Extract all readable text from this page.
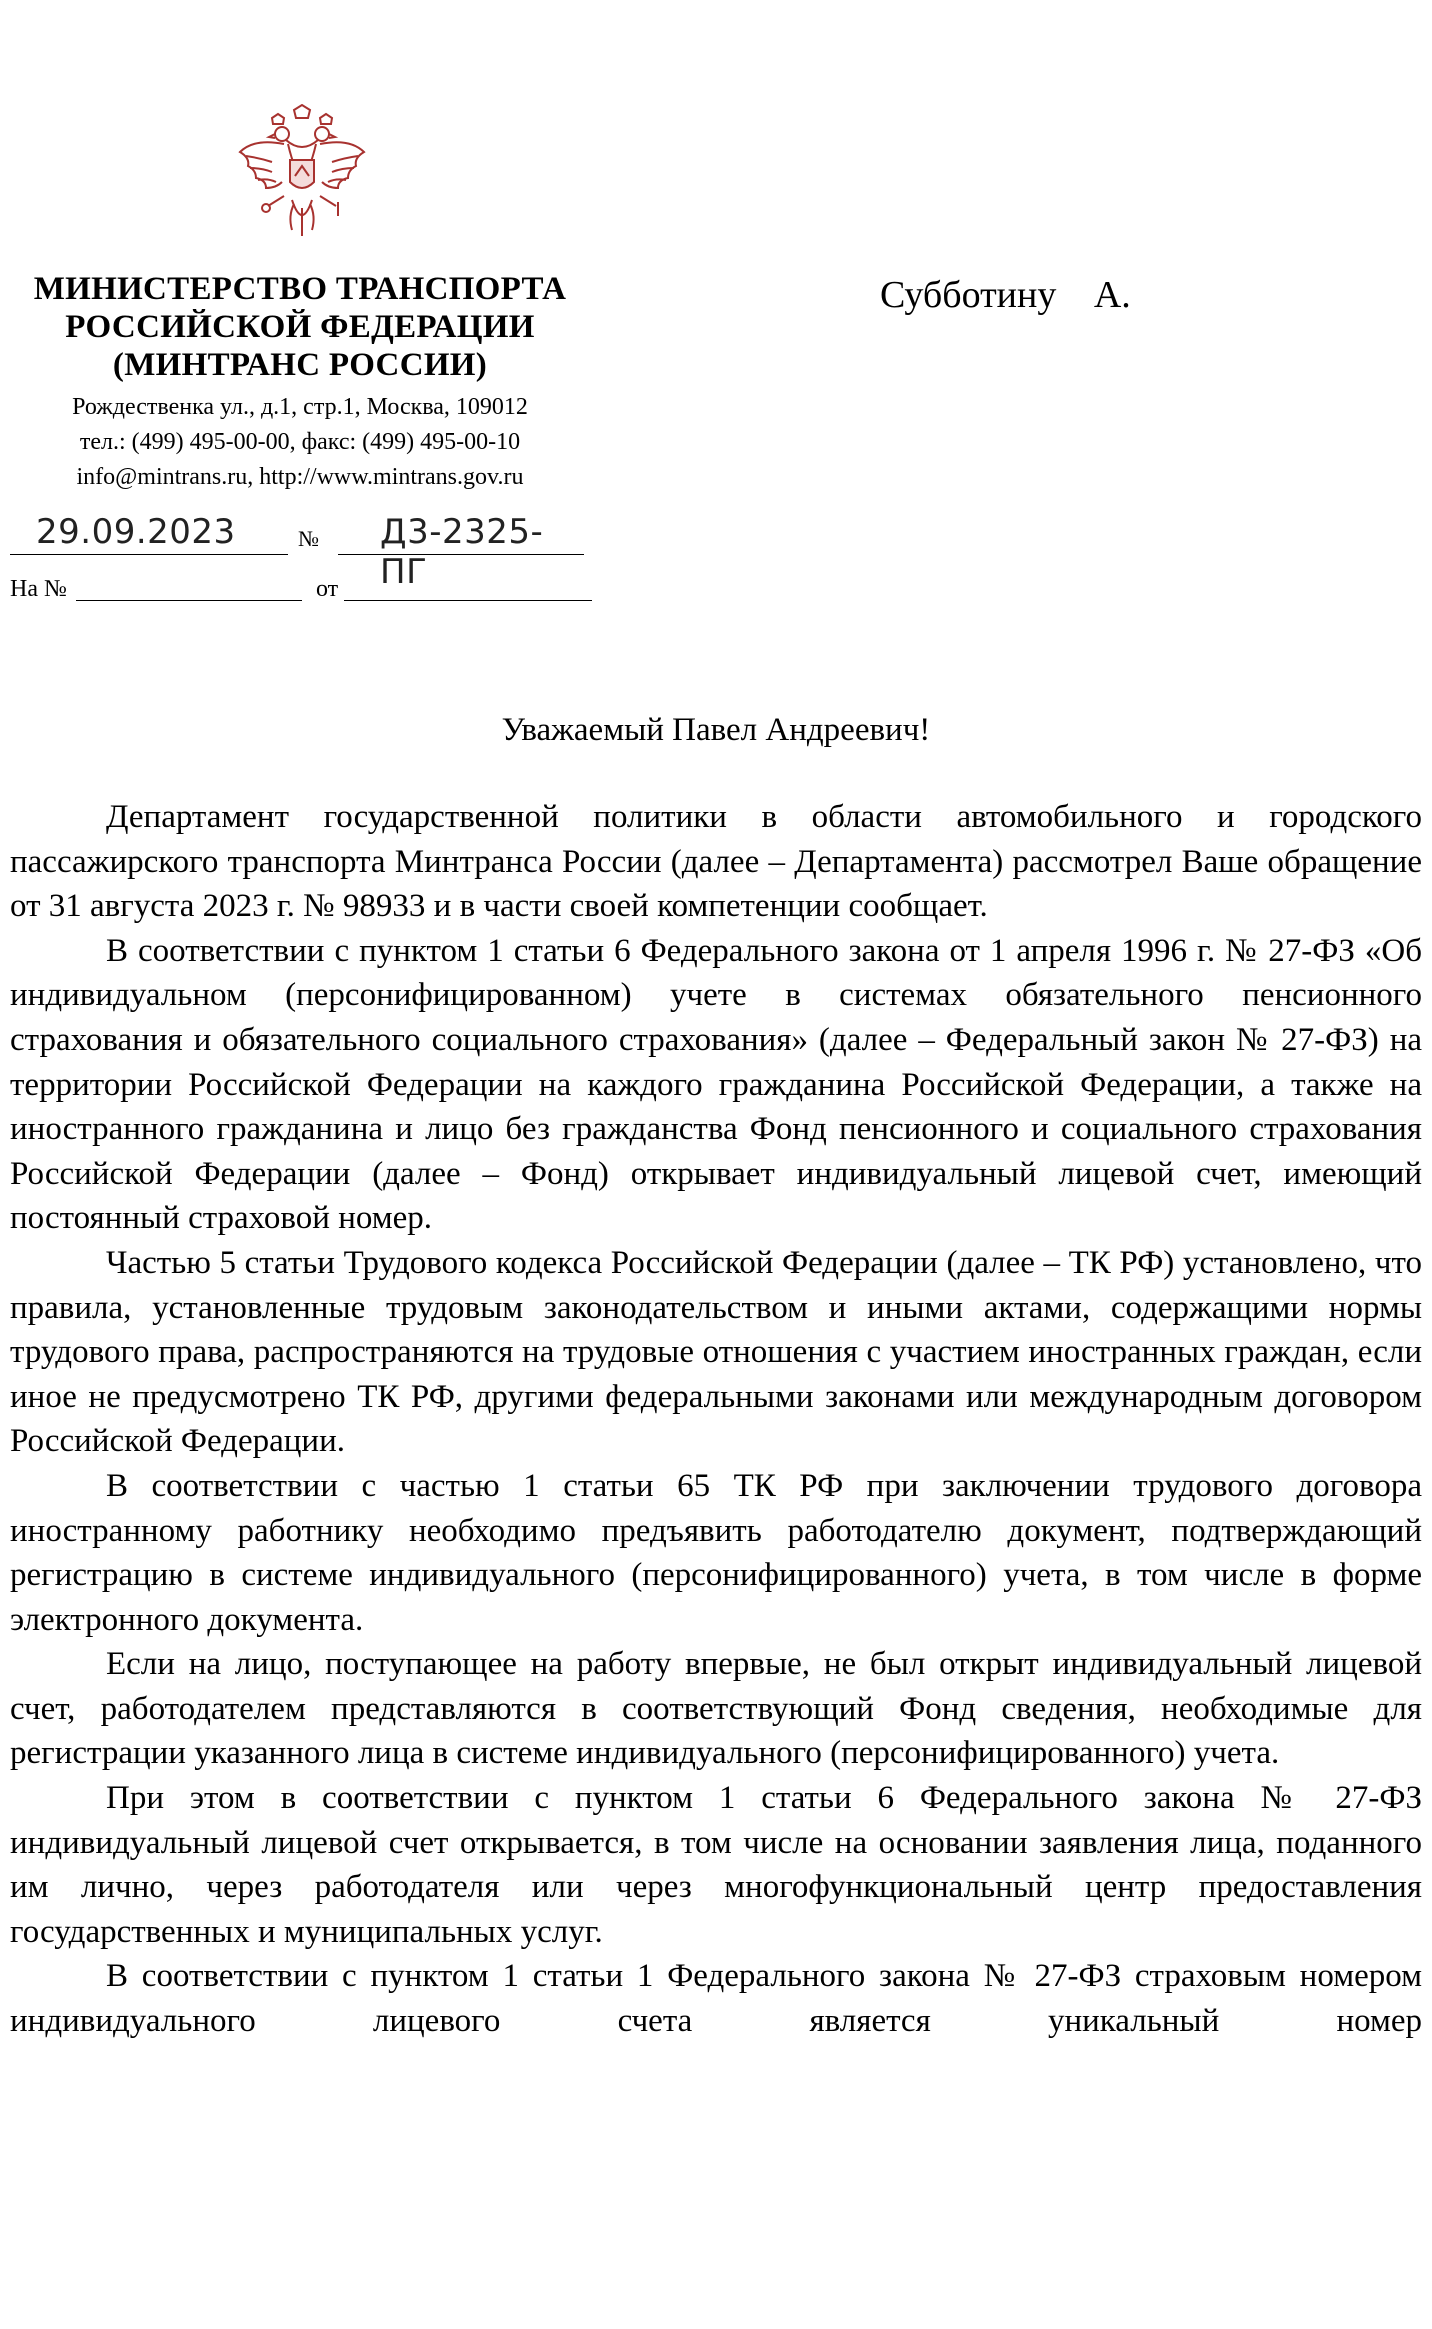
МИНИСТЕРСТВО ТРАНСПОРТА
РОССИЙСКОЙ ФЕДЕРАЦИИ
(МИНТРАНС РОССИИ)
Рождественка ул., д.1, стр.1, Москва, 109012
тел.: (499) 495-00-00, факс: (499) 495-00-10
info@mintrans.ru, http://www.mintrans.gov.ru
Субботину А.
29.09.2023	№ Д3-2325-ПГ
На №	от
Уважаемый Павел Андреевич!

Департамент государственной политики в области автомобильного и городского пассажирского транспорта Минтранса России (далее – Департамента) рассмотрел Ваше обращение от 31 августа 2023 г. № 98933 и в части своей компетенции сообщает.

В соответствии с пунктом 1 статьи 6 Федерального закона от 1 апреля 1996 г. № 27-ФЗ «Об индивидуальном (персонифицированном) учете в системах обязательного пенсионного страхования и обязательного социального страхования» (далее – Федеральный закон № 27-ФЗ) на территории Российской Федерации на каждого гражданина Российской Федерации, а также на иностранного гражданина и лицо без гражданства Фонд пенсионного и социального страхования Российской Федерации (далее – Фонд) открывает индивидуальный лицевой счет, имеющий постоянный страховой номер.

Частью 5 статьи Трудового кодекса Российской Федерации (далее – ТК РФ) установлено, что правила, установленные трудовым законодательством и иными актами, содержащими нормы трудового права, распространяются на трудовые отношения с участием иностранных граждан, если иное не предусмотрено ТК РФ, другими федеральными законами или международным договором Российской Федерации.

В соответствии с частью 1 статьи 65 ТК РФ при заключении трудового договора иностранному работнику необходимо предъявить работодателю документ, подтверждающий регистрацию в системе индивидуального (персонифицированного) учета, в том числе в форме электронного документа.

Если на лицо, поступающее на работу впервые, не был открыт индивидуальный лицевой счет, работодателем представляются в соответствующий Фонд сведения, необходимые для регистрации указанного лица в системе индивидуального (персонифицированного) учета.

При этом в соответствии с пунктом 1 статьи 6 Федерального закона № 27-ФЗ индивидуальный лицевой счет открывается, в том числе на основании заявления лица, поданного им лично, через работодателя или через многофункциональный центр предоставления государственных и муниципальных услуг.

В соответствии с пунктом 1 статьи 1 Федерального закона № 27-ФЗ страховым номером индивидуального лицевого счета является уникальный номер
